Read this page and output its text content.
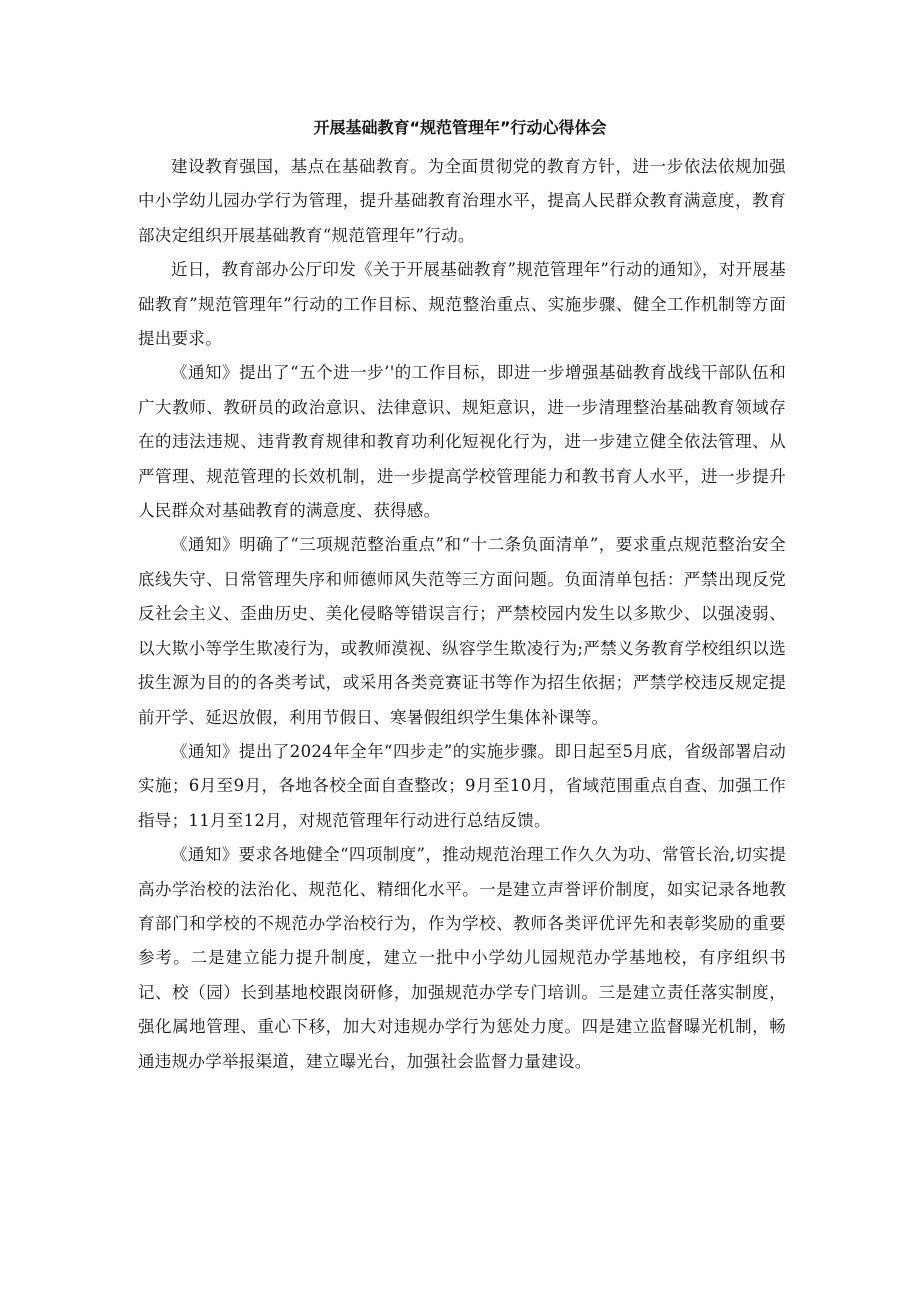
开展基础教育“规范管理年”行动心得体会

建设教育强国，基点在基础教育。为全面贯彻党的教育方针，进一步依法依规加强中小学幼儿园办学行为管理，提升基础教育治理水平，提高人民群众教育满意度，教育部决定组织开展基础教育“规范管理年”行动。

近日，教育部办公厅印发《关于开展基础教育”规范管理年”行动的通知》，对开展基础教育”规范管理年”行动的工作目标、规范整治重点、实施步骤、健全工作机制等方面提出要求。

《通知》提出了“五个进一步’'的工作目标，即进一步增强基础教育战线干部队伍和广大教师、教研员的政治意识、法律意识、规矩意识，进一步清理整治基础教育领域存在的违法违规、违背教育规律和教育功利化短视化行为，进一步建立健全依法管理、从严管理、规范管理的长效机制，进一步提高学校管理能力和教书育人水平，进一步提升人民群众对基础教育的满意度、获得感。

《通知》明确了“三项规范整治重点”和“十二条负面清单”，要求重点规范整治安全底线失守、日常管理失序和师德师风失范等三方面问题。负面清单包括：严禁出现反党反社会主义、歪曲历史、美化侵略等错误言行；严禁校园内发生以多欺少、以强凌弱、以大欺小等学生欺凌行为，或教师漠视、纵容学生欺凌行为;严禁义务教育学校组织以选拔生源为目的的各类考试，或采用各类竞赛证书等作为招生依据；严禁学校违反规定提前开学、延迟放假，利用节假日、寒暑假组织学生集体补课等。

《通知》提出了2024年全年“四步走”的实施步骤。即日起至5月底，省级部署启动实施；6月至9月，各地各校全面自查整改；9月至10月，省域范围重点自查、加强工作指导；11月至12月，对规范管理年行动进行总结反馈。

《通知》要求各地健全“四项制度”，推动规范治理工作久久为功、常管长治,切实提高办学治校的法治化、规范化、精细化水平。一是建立声誉评价制度，如实记录各地教育部门和学校的不规范办学治校行为，作为学校、教师各类评优评先和表彰奖励的重要参考。二是建立能力提升制度，建立一批中小学幼儿园规范办学基地校，有序组织书记、校（园）长到基地校跟岗研修，加强规范办学专门培训。三是建立责任落实制度，强化属地管理、重心下移，加大对违规办学行为惩处力度。四是建立监督曝光机制，畅通违规办学举报渠道，建立曝光台，加强社会监督力量建设。
